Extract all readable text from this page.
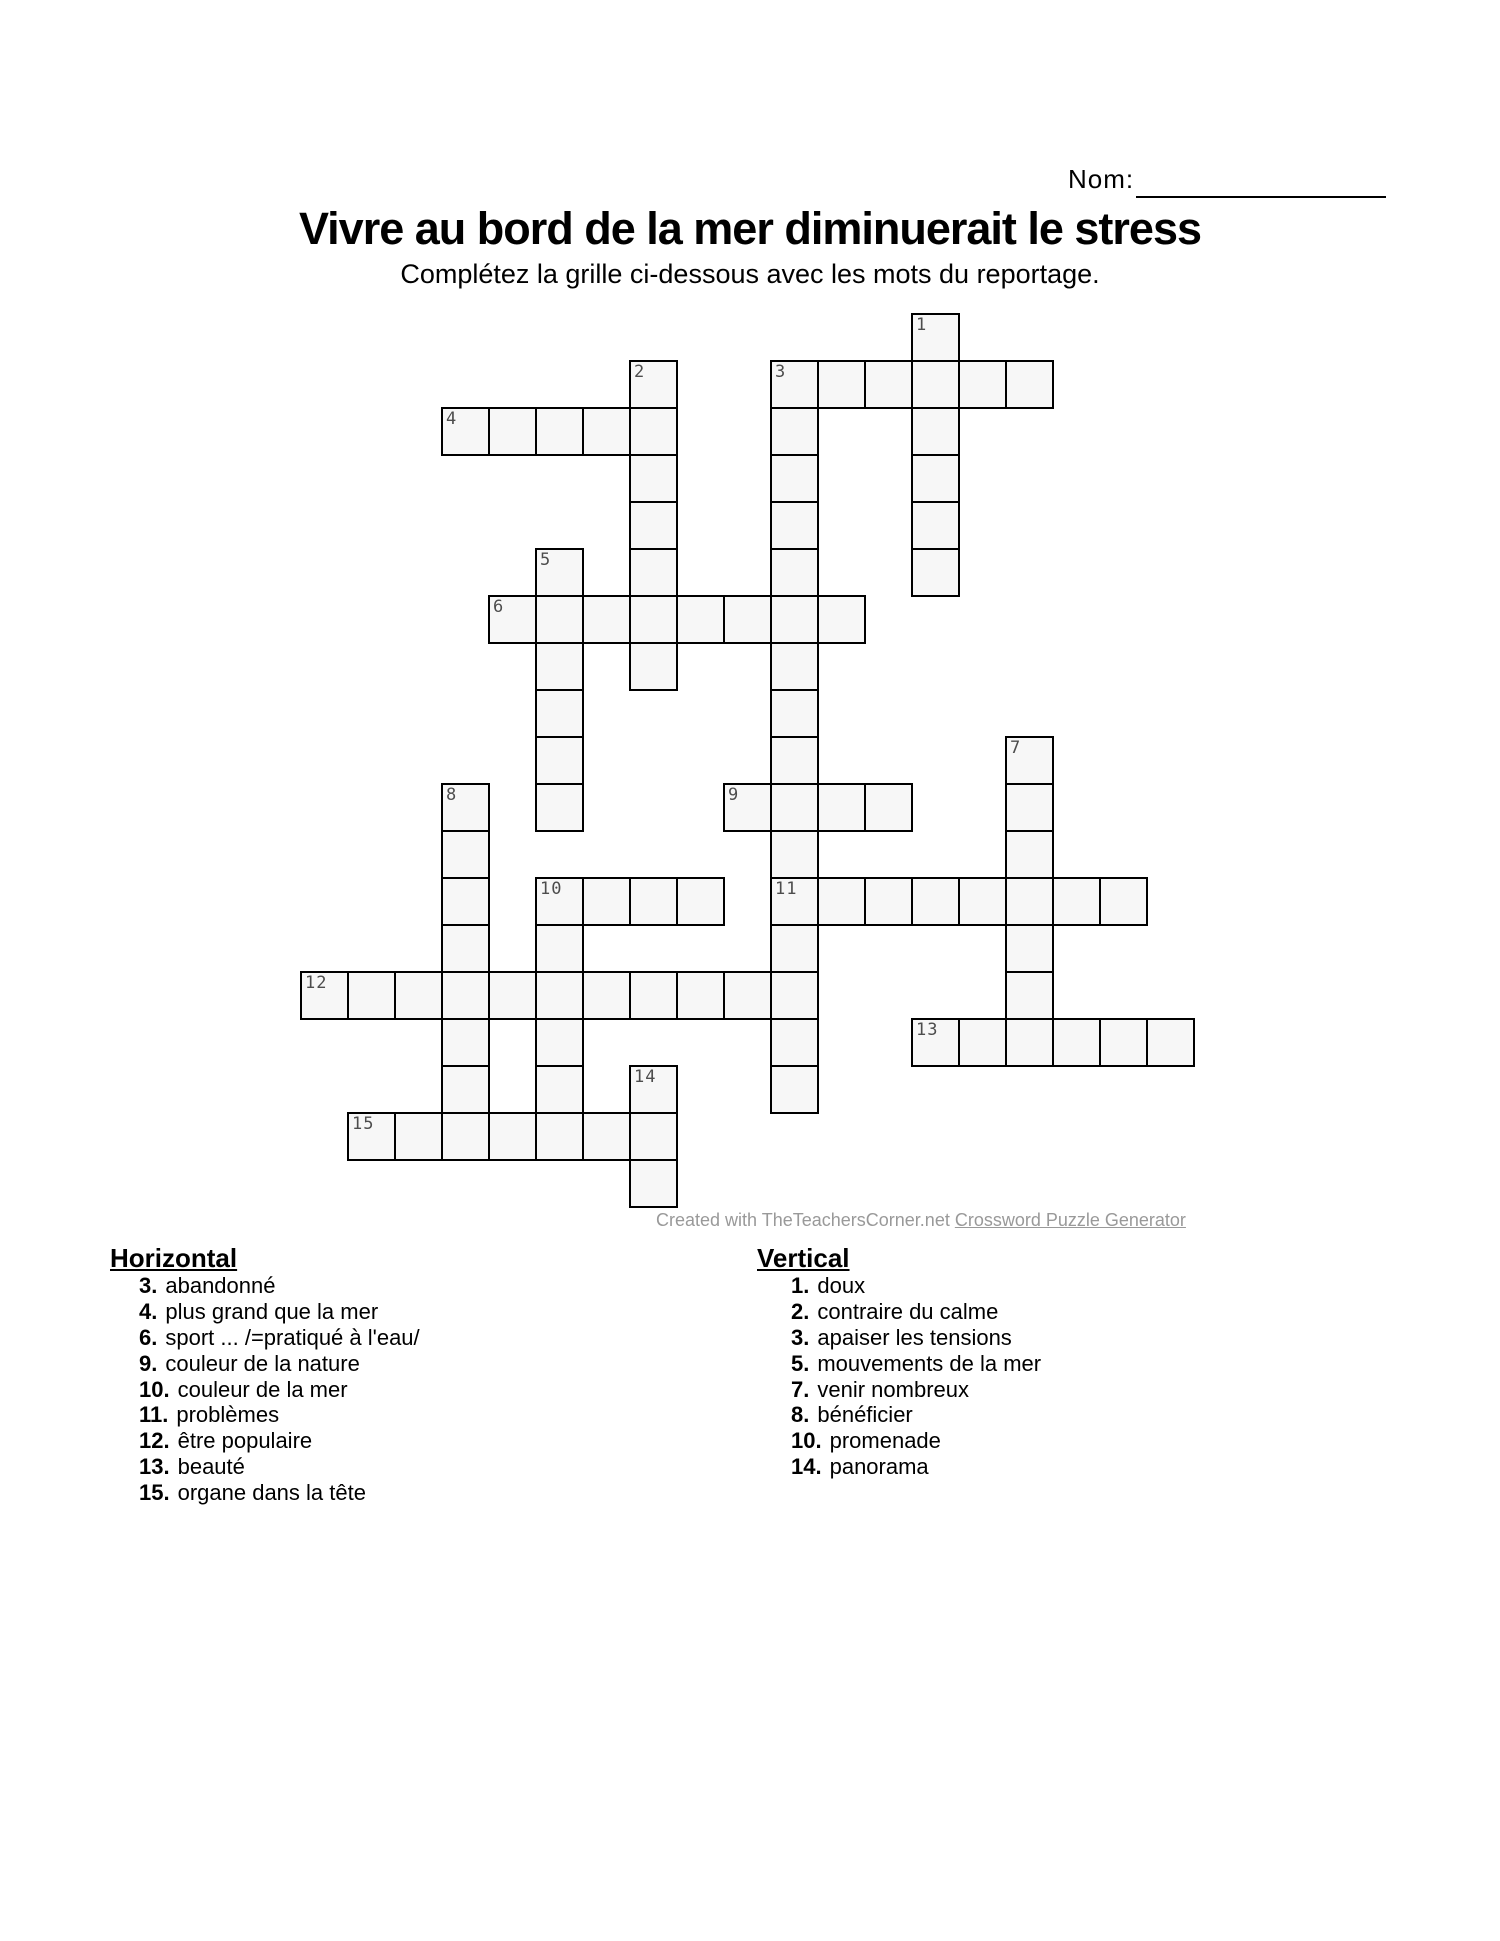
Nom:
Vivre au bord de la mer diminuerait le stress
Complétez la grille ci-dessous avec les mots du reportage.
1
2	3
11
4
5
6
7
8	9
10
12
13
14
15
Created with TheTeachersCorner.net Crossword Puzzle Generator
Horizontal
3. abandonné
4. plus grand que la mer
6. sport ... /=pratiqué à l'eau/
9. couleur de la nature
10. couleur de la mer
11. problèmes
12. être populaire
13. beauté
15. organe dans la tête
Vertical
1. doux
2. contraire du calme
3. apaiser les tensions
5. mouvements de la mer
7. venir nombreux
8. bénéficier
10. promenade
14. panorama
